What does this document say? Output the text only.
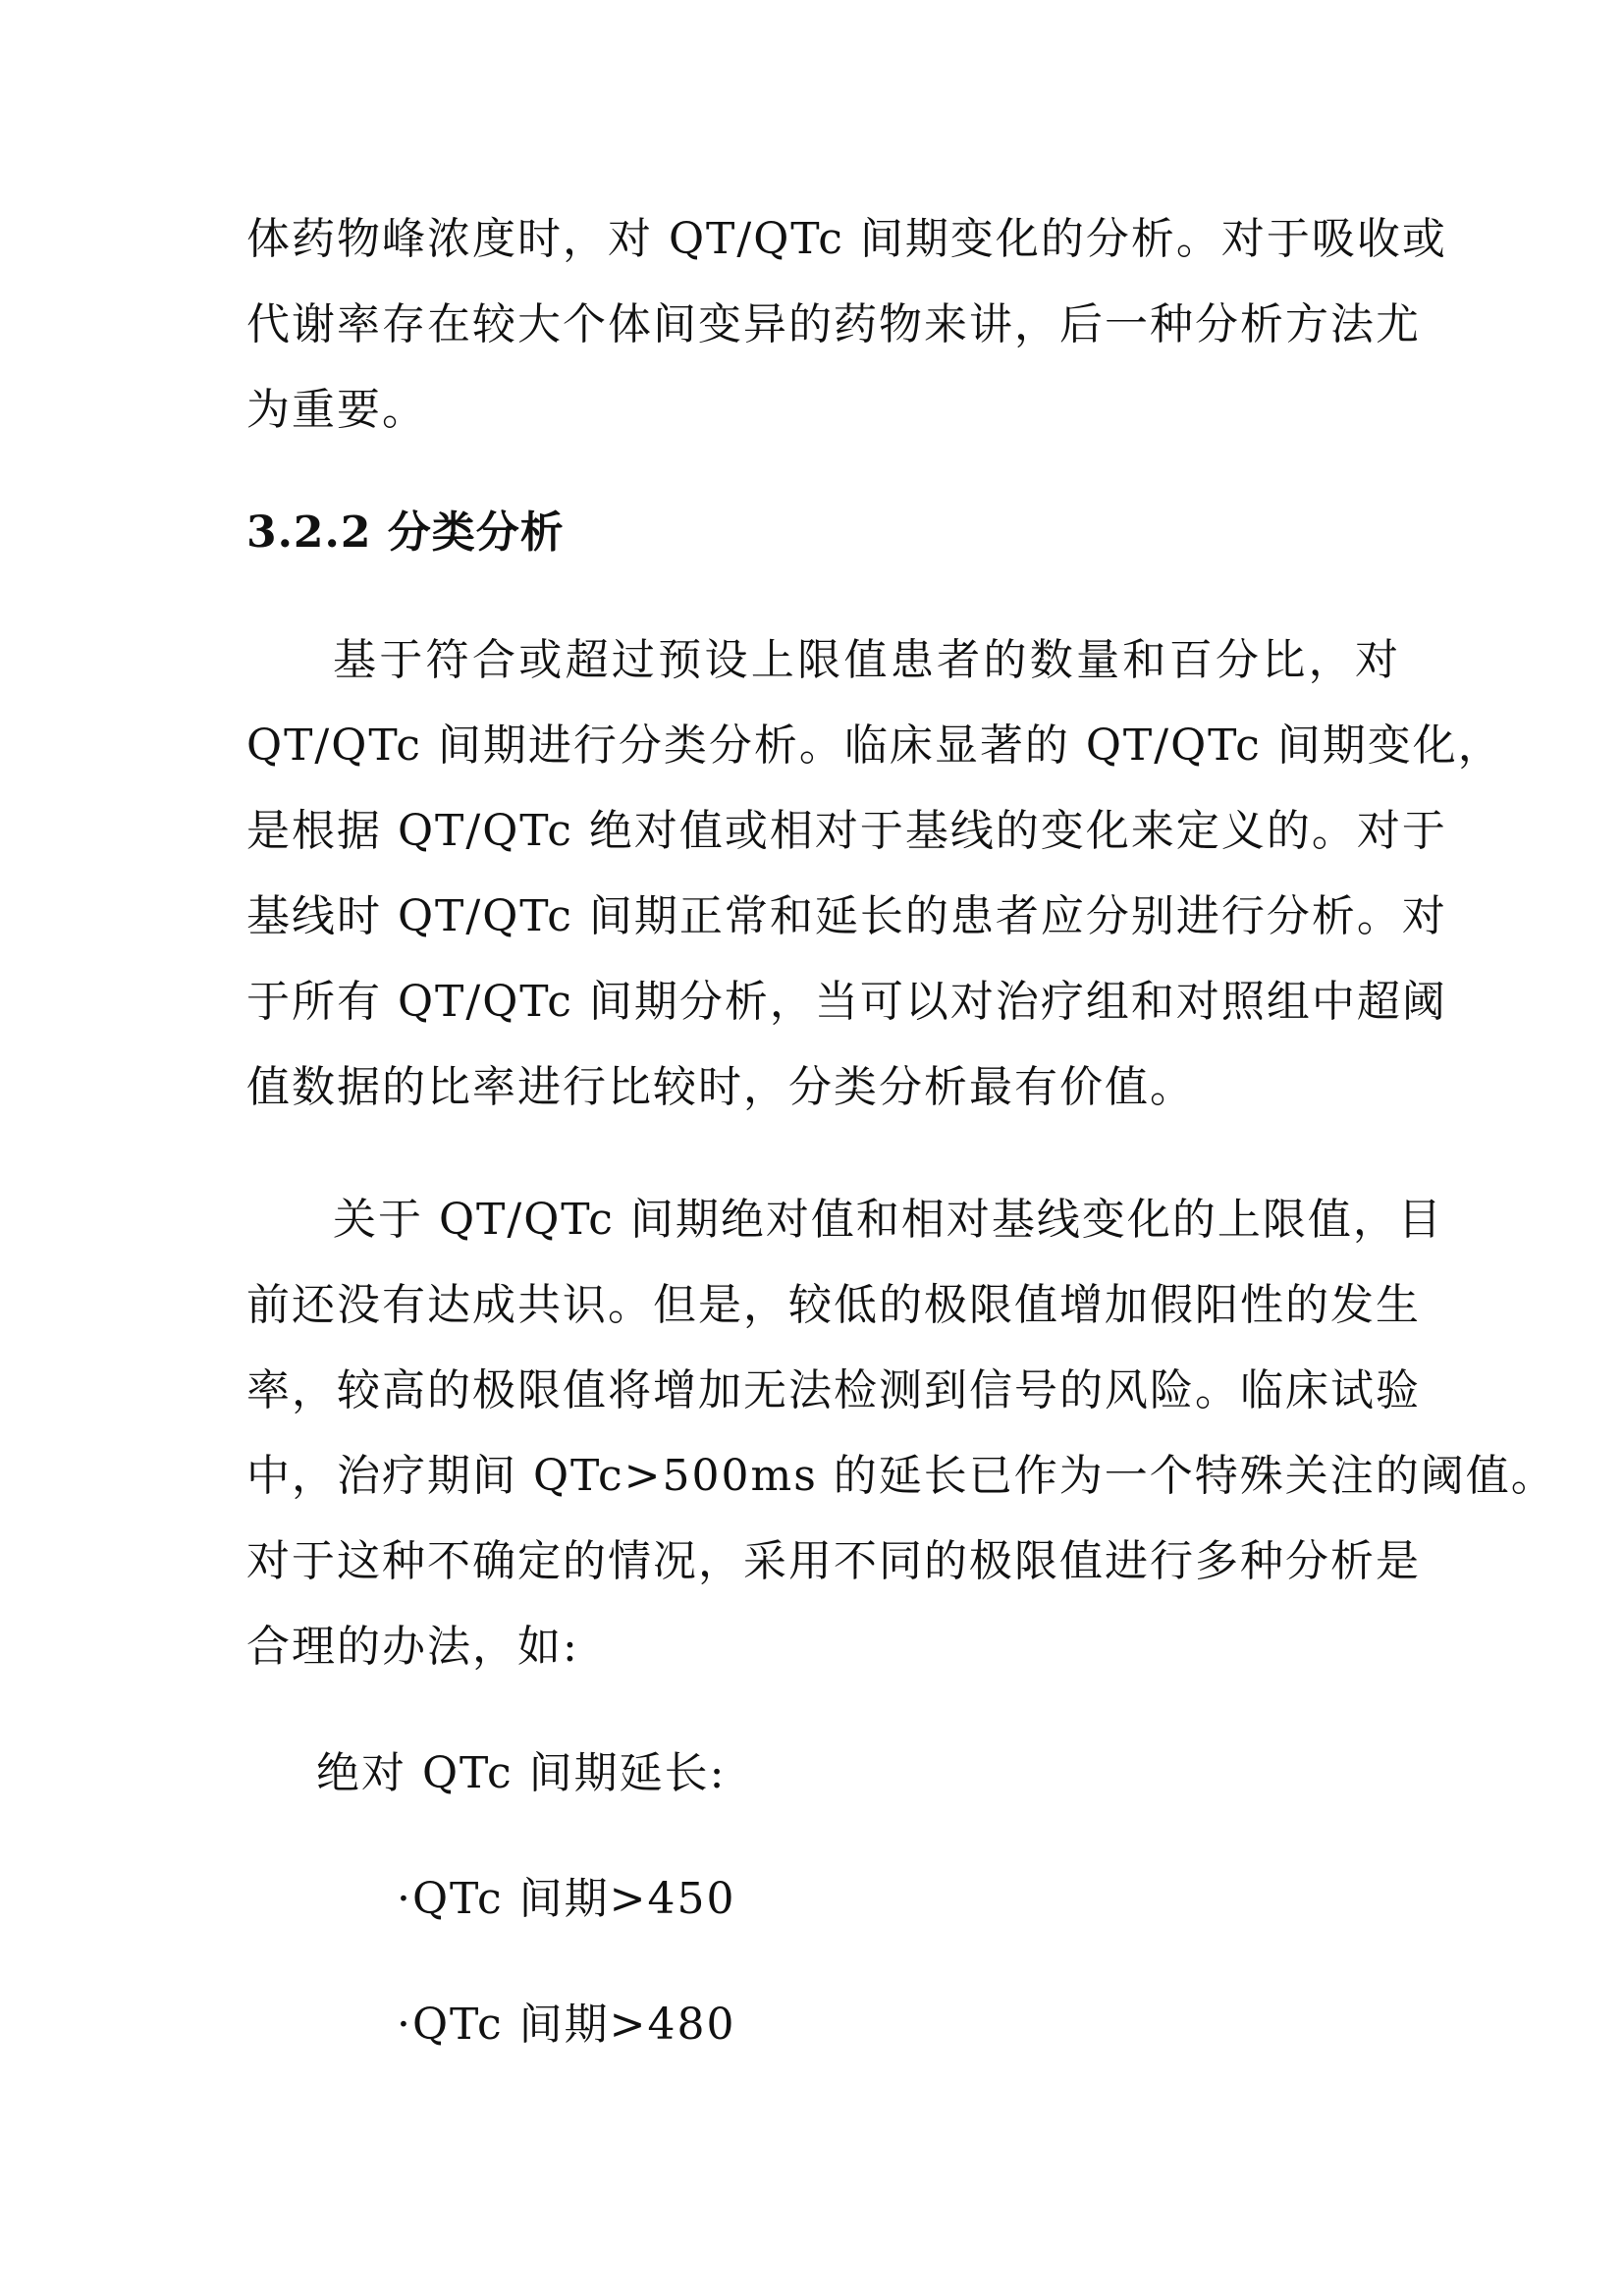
体药物峰浓度时，对 QT/QTc 间期变化的分析。对于吸收或
代谢率存在较大个体间变异的药物来讲，后一种分析方法尤
为重要。
3.2.2 分类分析
基于符合或超过预设上限值患者的数量和百分比，对
QT/QTc 间期进行分类分析。临床显著的 QT/QTc 间期变化，
是根据 QT/QTc 绝对值或相对于基线的变化来定义的。对于
基线时 QT/QTc 间期正常和延长的患者应分别进行分析。对
于所有 QT/QTc 间期分析，当可以对治疗组和对照组中超阈
值数据的比率进行比较时，分类分析最有价值。
关于 QT/QTc 间期绝对值和相对基线变化的上限值，目
前还没有达成共识。但是，较低的极限值增加假阳性的发生
率，较高的极限值将增加无法检测到信号的风险。临床试验
中，治疗期间 QTc>500ms 的延长已作为一个特殊关注的阈值。
对于这种不确定的情况，采用不同的极限值进行多种分析是
合理的办法，如:
绝对 QTc 间期延长:
·QTc 间期>450
·QTc 间期>480
